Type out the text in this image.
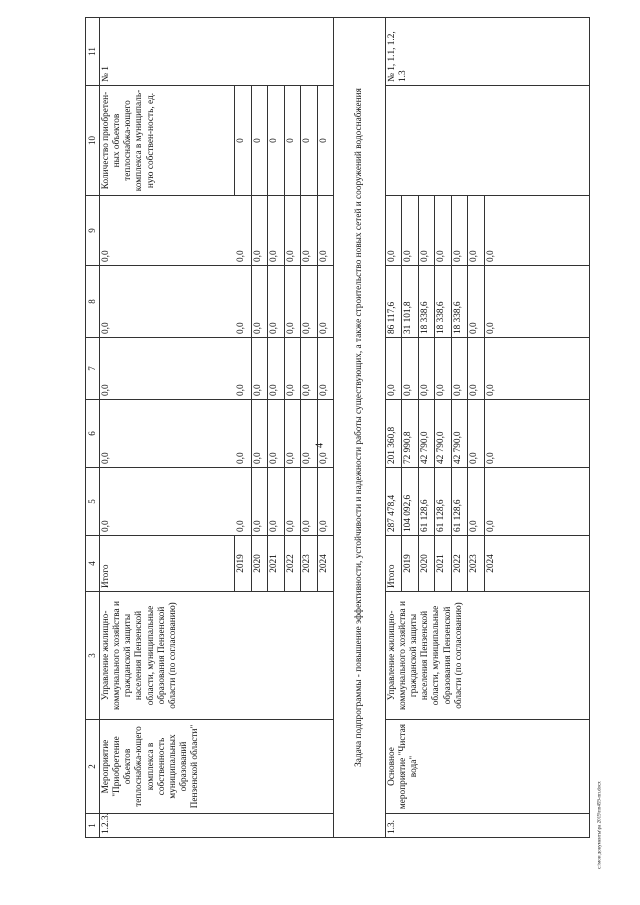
4
c:\мои документы\ра 2019\пп459-пп.docx
1	2	3	4	5	6	7	8	9	10	11
1.2.3.	Мероприятие "Приобретение объектов теплоснабжа-ющего комплекса в собственность муниципальных образований Пензенской области"	Управление жилищно-коммунального хозяйства и гражданской защиты населения Пензенской области, муниципальные образования Пензенской области (по согласованию)	Итого	0,0	0,0	0,0	0,0	0,0	Количество приобретен-ных объектов теплоснабжа-ющего комплекса в муниципаль-ную собствен-ность, ед.	№ 1
			2019	0,0	0,0	0,0	0,0	0,0	0	
			2020	0,0	0,0	0,0	0,0	0,0	0	
			2021	0,0	0,0	0,0	0,0	0,0	0	
			2022	0,0	0,0	0,0	0,0	0,0	0	
			2023	0,0	0,0	0,0	0,0	0,0	0	
			2024	0,0	0,0	0,0	0,0	0,0	0	
Задача подпрограммы - повышение эффективности, устойчивости и надежности работы существующих, а также строительство новых сетей и сооружений водоснабжения										
1.3.	Основное мероприятие "Чистая вода"	Управление жилищно-коммунального хозяйства и гражданской защиты населения Пензенской области, муниципальные образования Пензенской области (по согласованию)	Итого	287 478,4	201 360,8	0,0	86 117,6	0,0		№ 1, 1.1, 1.2, 1.3
			2019	104 092,6	72 990,8	0,0	31 101,8	0,0		
			2020	61 128,6	42 790,0	0,0	18 338,6	0,0		
			2021	61 128,6	42 790,0	0,0	18 338,6	0,0		
			2022	61 128,6	42 790,0	0,0	18 338,6	0,0		
			2023	0,0	0,0	0,0	0,0	0,0		
			2024	0,0	0,0	0,0	0,0	0,0		
